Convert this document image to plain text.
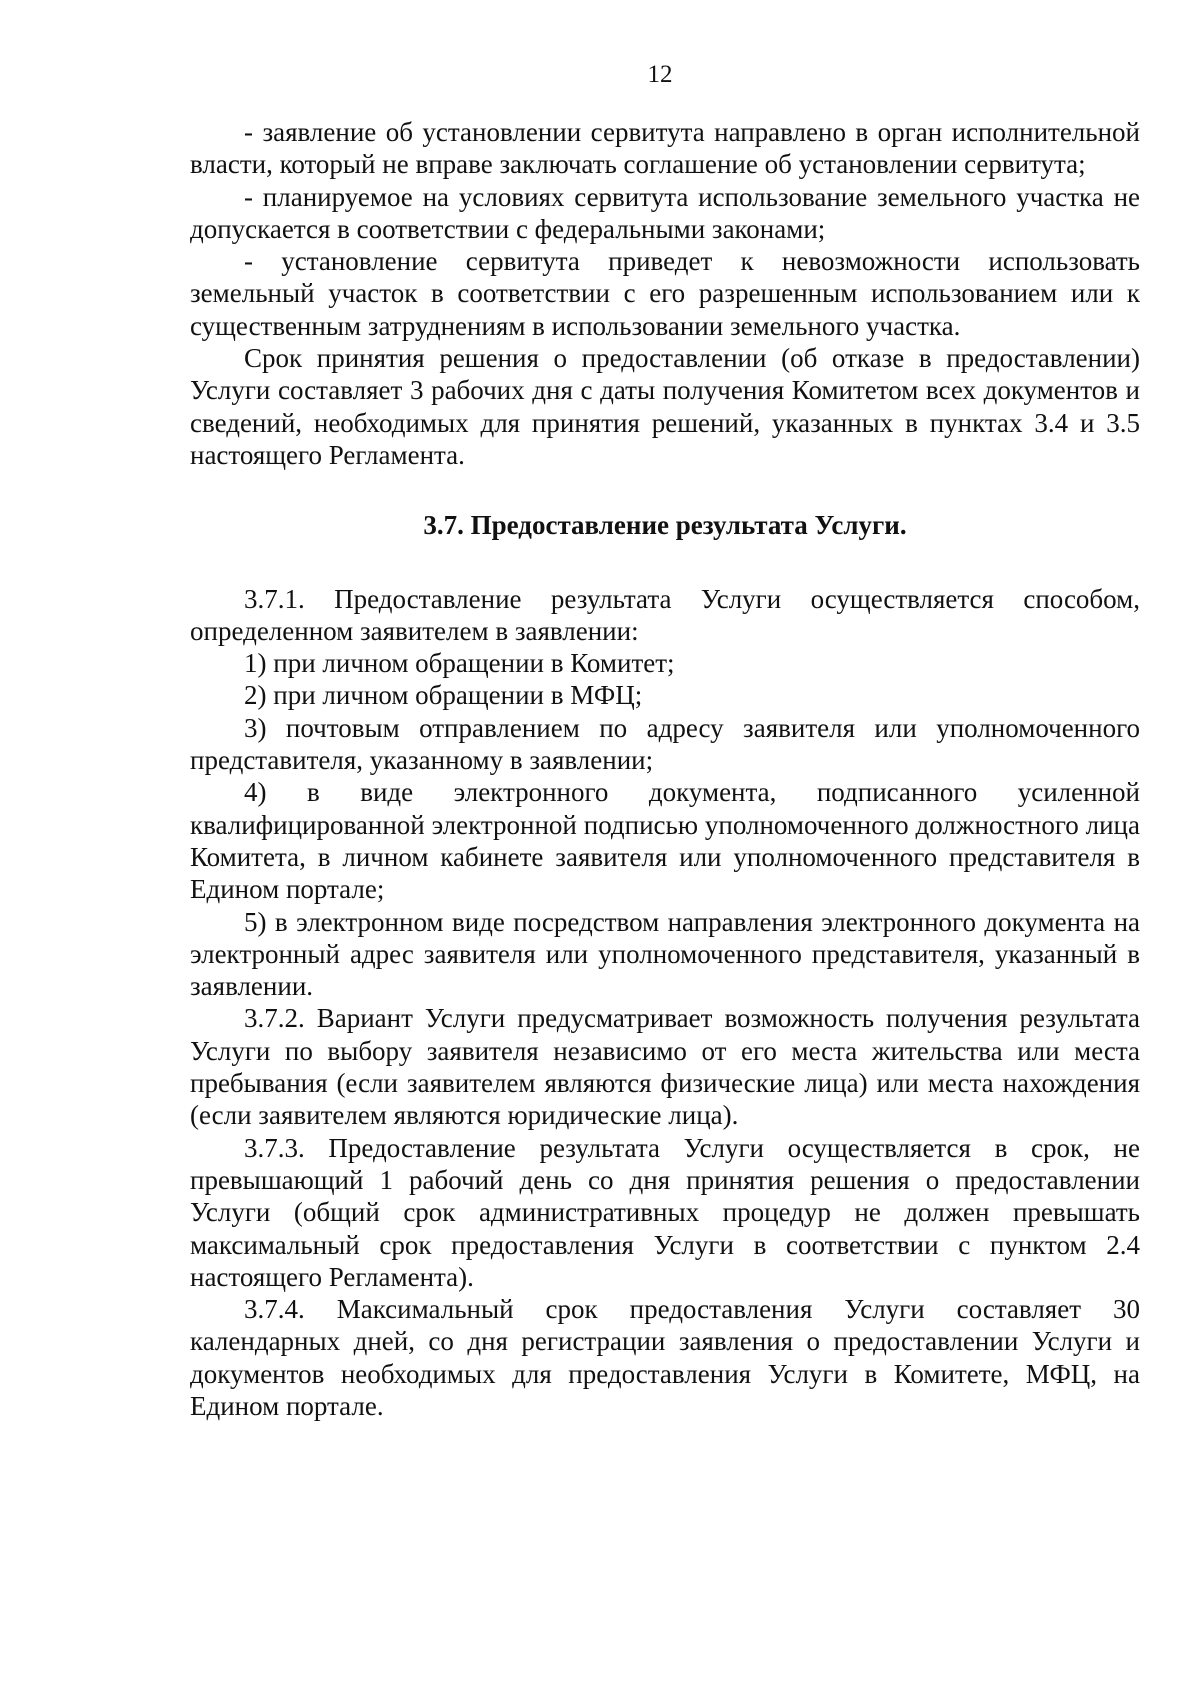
12

- заявление об установлении сервитута направлено в орган исполнительной власти, который не вправе заключать соглашение об установлении сервитута;

- планируемое на условиях сервитута использование земельного участка не допускается в соответствии с федеральными законами;

- установление сервитута приведет к невозможности использовать земельный участок в соответствии с его разрешенным использованием или к существенным затруднениям в использовании земельного участка.

Срок принятия решения о предоставлении (об отказе в предоставлении) Услуги составляет 3 рабочих дня с даты получения Комитетом всех документов и сведений, необходимых для принятия решений, указанных в пунктах 3.4 и 3.5 настоящего Регламента.

3.7. Предоставление результата Услуги.

3.7.1. Предоставление результата Услуги осуществляется способом, определенном заявителем в заявлении:

1) при личном обращении в Комитет;

2) при личном обращении в МФЦ;

3) почтовым отправлением по адресу заявителя или уполномоченного представителя, указанному в заявлении;

4) в виде электронного документа, подписанного усиленной квалифицированной электронной подписью уполномоченного должностного лица Комитета, в личном кабинете заявителя или уполномоченного представителя в Едином портале;

5) в электронном виде посредством направления электронного документа на электронный адрес заявителя или уполномоченного представителя, указанный в заявлении.

3.7.2. Вариант Услуги предусматривает возможность получения результата Услуги по выбору заявителя независимо от его места жительства или места пребывания (если заявителем являются физические лица) или места нахождения (если заявителем являются юридические лица).

3.7.3. Предоставление результата Услуги осуществляется в срок, не превышающий 1 рабочий день со дня принятия решения о предоставлении Услуги (общий срок административных процедур не должен превышать максимальный срок предоставления Услуги в соответствии с пунктом 2.4 настоящего Регламента).

3.7.4. Максимальный срок предоставления Услуги составляет 30 календарных дней, со дня регистрации заявления о предоставлении Услуги и документов необходимых для предоставления Услуги в Комитете, МФЦ, на Едином портале.
